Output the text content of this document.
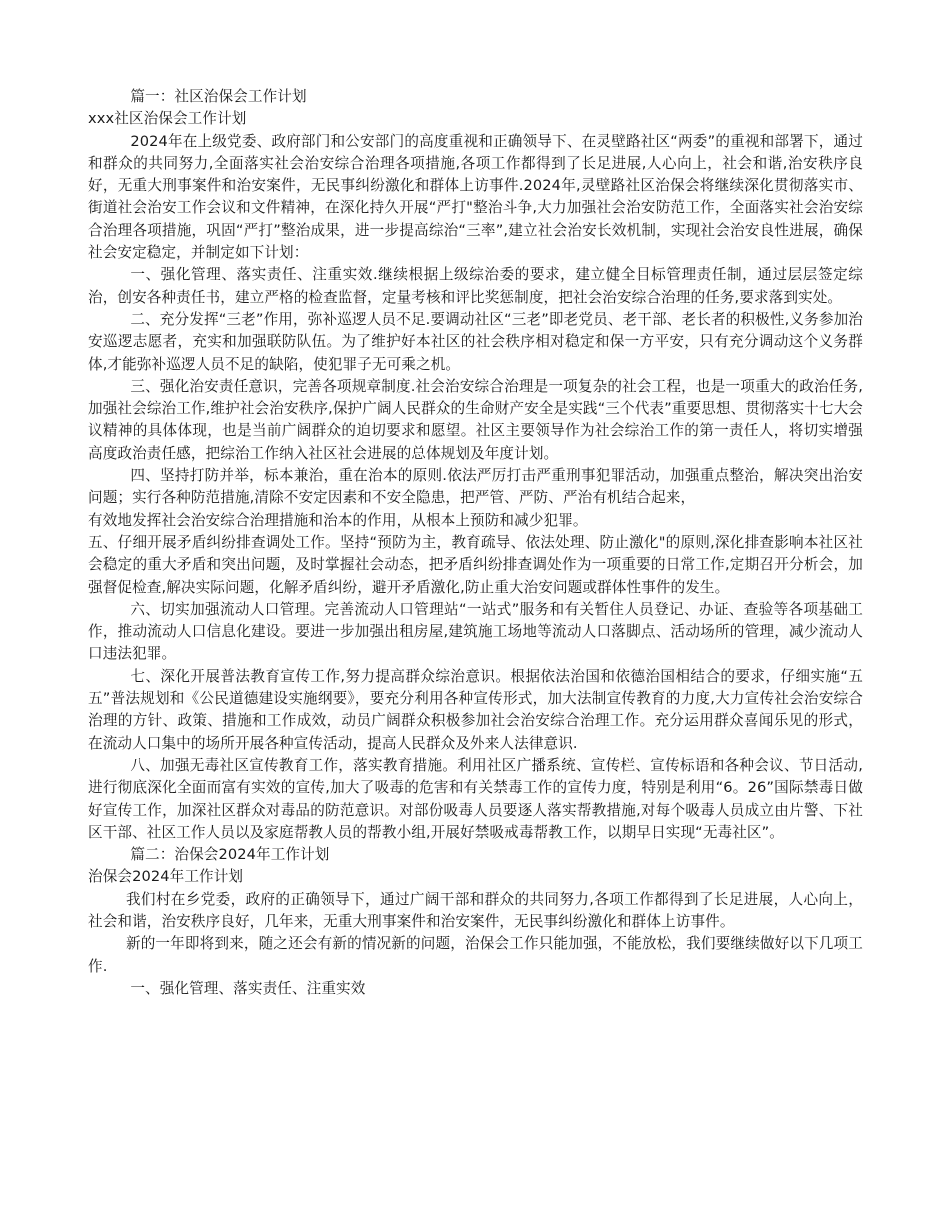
篇一：社区治保会工作计划

xxx社区治保会工作计划

2024年在上级党委、政府部门和公安部门的高度重视和正确领导下、在灵壁路社区“两委”的重视和部署下，通过和群众的共同努力,全面落实社会治安综合治理各项措施,各项工作都得到了长足进展,人心向上，社会和谐,治安秩序良好，无重大刑事案件和治安案件，无民事纠纷激化和群体上访事件.2024年,灵壁路社区治保会将继续深化贯彻落实市、街道社会治安工作会议和文件精神，在深化持久开展“严打"整治斗争,大力加强社会治安防范工作，全面落实社会治安综合治理各项措施，巩固“严打”整治成果，进一步提高综治“三率”,建立社会治安长效机制，实现社会治安良性进展，确保社会安定稳定，并制定如下计划：

一、强化管理、落实责任、注重实效.继续根据上级综治委的要求，建立健全目标管理责任制，通过层层签定综治，创安各种责任书，建立严格的检查监督，定量考核和评比奖惩制度，把社会治安综合治理的任务,要求落到实处。

二、充分发挥“三老”作用，弥补巡逻人员不足.要调动社区“三老”即老党员、老干部、老长者的积极性,义务参加治安巡逻志愿者，充实和加强联防队伍。为了维护好本社区的社会秩序相对稳定和保一方平安，只有充分调动这个义务群体,才能弥补巡逻人员不足的缺陷，使犯罪子无可乘之机。

三、强化治安责任意识，完善各项规章制度.社会治安综合治理是一项复杂的社会工程，也是一项重大的政治任务,加强社会综治工作,维护社会治安秩序,保护广阔人民群众的生命财产安全是实践“三个代表”重要思想、贯彻落实十七大会议精神的具体体现，也是当前广阔群众的迫切要求和愿望。社区主要领导作为社会综治工作的第一责任人，将切实增强高度政治责任感，把综治工作纳入社区社会进展的总体规划及年度计划。

四、坚持打防并举，标本兼治，重在治本的原则.依法严厉打击严重刑事犯罪活动，加强重点整治，解决突出治安问题；实行各种防范措施,清除不安定因素和不安全隐患，把严管、严防、严治有机结合起来，

有效地发挥社会治安综合治理措施和治本的作用，从根本上预防和减少犯罪。

五、仔细开展矛盾纠纷排查调处工作。坚持“预防为主，教育疏导、依法处理、防止激化"的原则,深化排查影响本社区社会稳定的重大矛盾和突出问题，及时掌握社会动态，把矛盾纠纷排查调处作为一项重要的日常工作,定期召开分析会，加强督促检查,解决实际问题，化解矛盾纠纷，避开矛盾激化,防止重大治安问题或群体性事件的发生。

六、切实加强流动人口管理。完善流动人口管理站“一站式”服务和有关暂住人员登记、办证、查验等各项基础工作，推动流动人口信息化建设。要进一步加强出租房屋,建筑施工场地等流动人口落脚点、活动场所的管理，减少流动人口违法犯罪。

七、深化开展普法教育宣传工作,努力提高群众综治意识。根据依法治国和依德治国相结合的要求，仔细实施“五五”普法规划和《公民道德建设实施纲要》，要充分利用各种宣传形式，加大法制宣传教育的力度,大力宣传社会治安综合治理的方针、政策、措施和工作成效，动员广阔群众积极参加社会治安综合治理工作。充分运用群众喜闻乐见的形式，在流动人口集中的场所开展各种宣传活动，提高人民群众及外来人法律意识.

八、加强无毒社区宣传教育工作，落实教育措施。利用社区广播系统、宣传栏、宣传标语和各种会议、节日活动,进行彻底深化全面而富有实效的宣传,加大了吸毒的危害和有关禁毒工作的宣传力度，特别是利用“6。26”国际禁毒日做好宣传工作，加深社区群众对毒品的防范意识。对部份吸毒人员要逐人落实帮教措施,对每个吸毒人员成立由片警、下社区干部、社区工作人员以及家庭帮教人员的帮教小组,开展好禁吸戒毒帮教工作，以期早日实现“无毒社区”。

篇二：治保会2024年工作计划

治保会2024年工作计划

我们村在乡党委，政府的正确领导下，通过广阔干部和群众的共同努力,各项工作都得到了长足进展，人心向上，社会和谐，治安秩序良好，几年来，无重大刑事案件和治安案件，无民事纠纷激化和群体上访事件。

新的一年即将到来，随之还会有新的情况新的问题，治保会工作只能加强，不能放松，我们要继续做好以下几项工作.

一、强化管理、落实责任、注重实效
